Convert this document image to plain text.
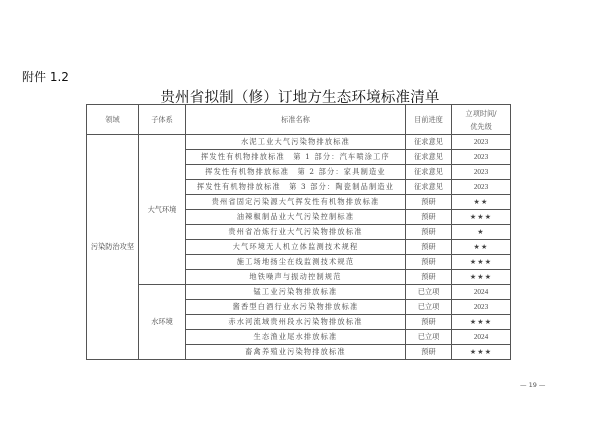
附件 1.2
贵州省拟制（修）订地方生态环境标准清单
领域	子体系	标准名称	目前进度	立项时间/
优先级

污染防治攻坚	大气环境	水泥工业大气污染物排放标准	征求意见	2023
		挥发性有机物排放标准　第 1 部分：汽车喷涂工序	征求意见	2023
		挥发性有机物排放标准　第 2 部分：家具制造业	征求意见	2023
		挥发性有机物排放标准　第 3 部分：陶瓷制品制造业	征求意见	2023
		贵州省固定污染源大气挥发性有机物排放标准	预研	★★
		油辣椒制品业大气污染控制标准	预研	★★★
		贵州省冶炼行业大气污染物排放标准	预研	★
		大气环境无人机立体监测技术规程	预研	★★
		施工场地扬尘在线监测技术规范	预研	★★★
		地铁噪声与振动控制规范	预研	★★★
	水环境	锰工业污染物排放标准	已立项	2024
		酱香型白酒行业水污染物排放标准	已立项	2023
		赤水河流域贵州段水污染物排放标准	预研	★★★
		生态渔业尾水排放标准	已立项	2024
		畜禽养殖业污染物排放标准	预研	★★★
— 19 —
